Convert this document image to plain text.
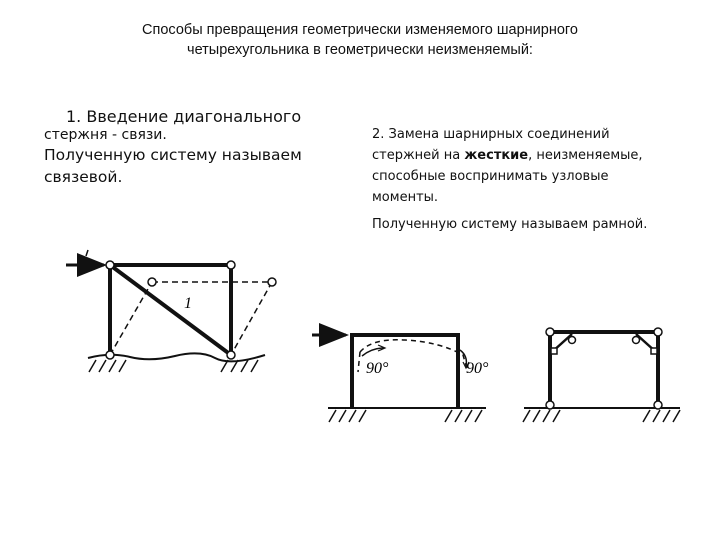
Способы превращения геометрически изменяемого шарнирного
четырехугольника в геометрически неизменяемый:
1. Введение диагонального
стержня - связи.
Полученную систему называем
связевой.
2. Замена шарнирных соединений
стержней на жесткие, неизменяемые,
способные воспринимать узловые
моменты.
Полученную систему называем рамной.
1
90°	90°
